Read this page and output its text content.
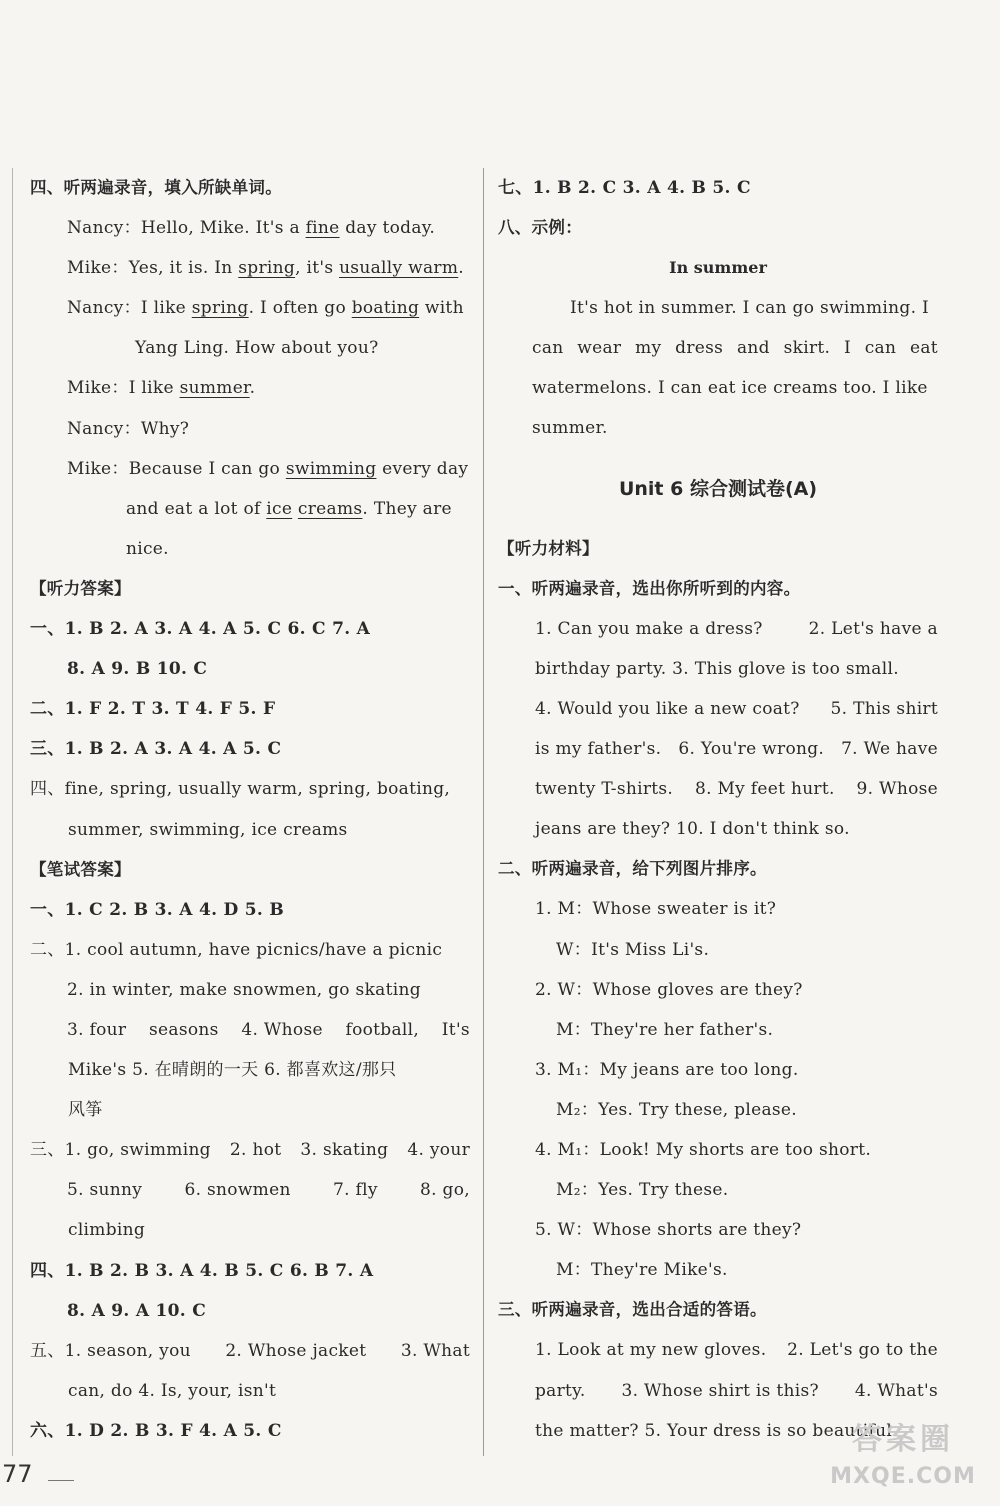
四、听两遍录音，填入所缺单词。
Nancy：Hello, Mike. It's a fine day today.
Mike：Yes, it is. In spring, it's usually warm.
Nancy：I like spring. I often go boating with
Yang Ling. How about you?
Mike：I like summer.
Nancy：Why?
Mike：Because I can go swimming every day
and eat a lot of ice creams. They are
nice.
【听力答案】
一、1. B 2. A 3. A 4. A 5. C 6. C 7. A
8. A 9. B 10. C
二、1. F 2. T 3. T 4. F 5. F
三、1. B 2. A 3. A 4. A 5. C
四、fine, spring, usually warm, spring, boating,
summer, swimming, ice creams
【笔试答案】
一、1. C 2. B 3. A 4. D 5. B
二、1. cool autumn, have picnics/have a picnic
2. in winter, make snowmen, go skating
3. four seasons 4. Whose football, It's
Mike's 5. 在晴朗的一天 6. 都喜欢这/那只
风筝
三、1. go, swimming 2. hot 3. skating 4. your
5. sunny 6. snowmen 7. fly 8. go,
climbing
四、1. B 2. B 3. A 4. B 5. C 6. B 7. A
8. A 9. A 10. C
五、1. season, you 2. Whose jacket 3. What
can, do 4. Is, your, isn't
六、1. D 2. B 3. F 4. A 5. C
七、1. B 2. C 3. A 4. B 5. C
八、示例：
In summer
It's hot in summer. I can go swimming. I
can wear my dress and skirt. I can eat
watermelons. I can eat ice creams too. I like
summer.
Unit 6 综合测试卷(A)
【听力材料】
一、听两遍录音，选出你所听到的内容。
1. Can you make a dress?	2. Let's have a
birthday party. 3. This glove is too small.
4. Would you like a new coat? 5. This shirt
is my father's. 6. You're wrong. 7. We have
twenty T-shirts. 8. My feet hurt. 9. Whose
jeans are they? 10. I don't think so.
二、听两遍录音，给下列图片排序。
1. M：Whose sweater is it?
W：It's Miss Li's.
2. W：Whose gloves are they?
M：They're her father's.
3. M₁：My jeans are too long.
M₂：Yes. Try these, please.
4. M₁：Look! My shorts are too short.
M₂：Yes. Try these.
5. W：Whose shorts are they?
M：They're Mike's.
三、听两遍录音，选出合适的答语。
1. Look at my new gloves. 2. Let's go to the
party. 3. Whose shirt is this? 4. What's
the matter? 5. Your dress is so beautiful.
77
答案圈
MXQE.COM
